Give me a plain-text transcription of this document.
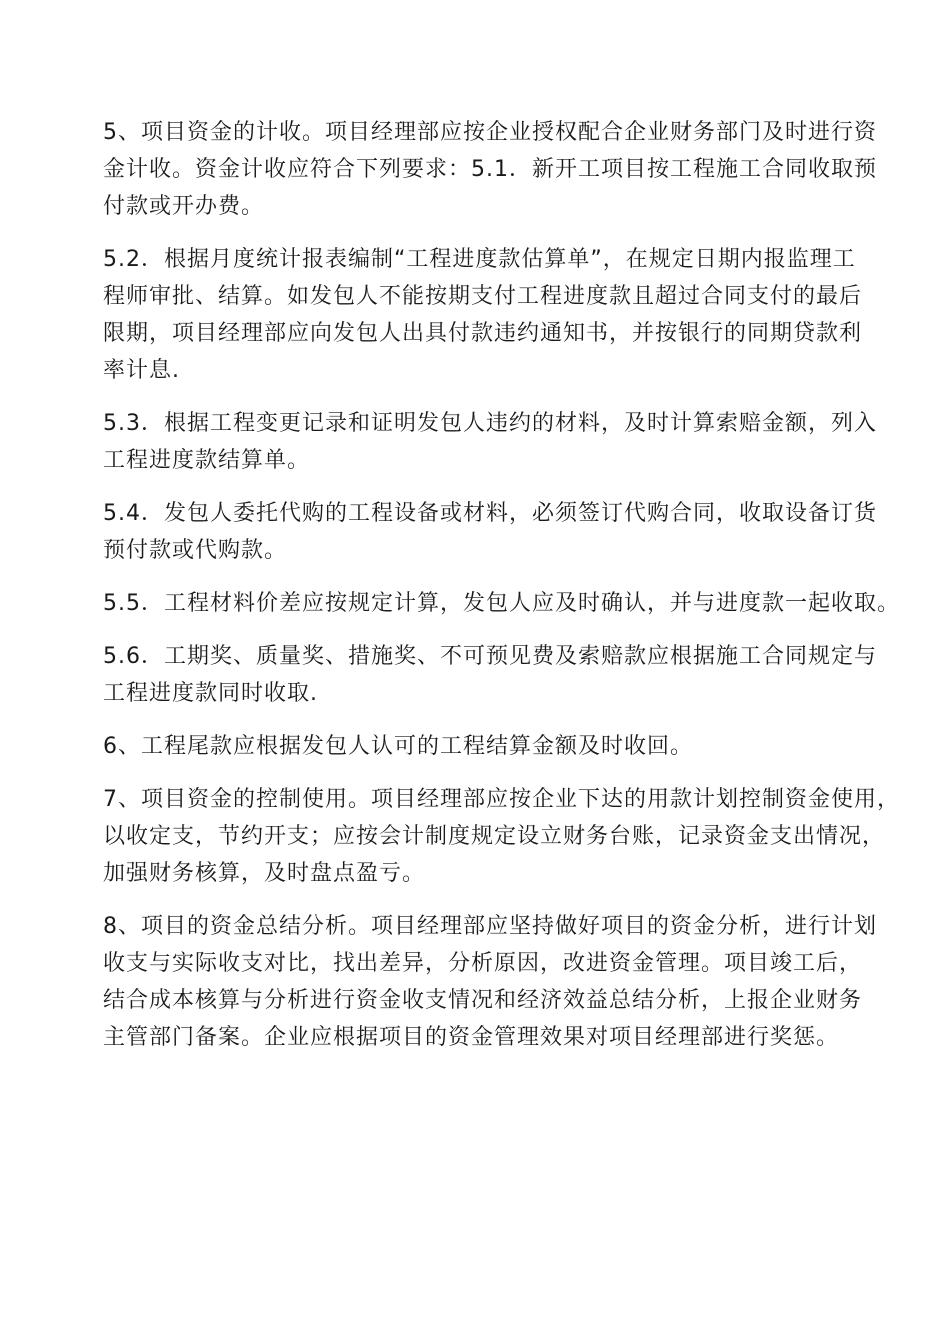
5、项目资金的计收。项目经理部应按企业授权配合企业财务部门及时进行资
金计收。资金计收应符合下列要求：5.1．新开工项目按工程施工合同收取预
付款或开办费。
5.2．根据月度统计报表编制“工程进度款估算单”，在规定日期内报监理工
程师审批、结算。如发包人不能按期支付工程进度款且超过合同支付的最后
限期，项目经理部应向发包人出具付款违约通知书，并按银行的同期贷款利
率计息.
5.3．根据工程变更记录和证明发包人违约的材料，及时计算索赔金额，列入
工程进度款结算单。
5.4．发包人委托代购的工程设备或材料，必须签订代购合同，收取设备订货
预付款或代购款。
5.5．工程材料价差应按规定计算，发包人应及时确认，并与进度款一起收取。
5.6．工期奖、质量奖、措施奖、不可预见费及索赔款应根据施工合同规定与
工程进度款同时收取.
6、工程尾款应根据发包人认可的工程结算金额及时收回。
7、项目资金的控制使用。项目经理部应按企业下达的用款计划控制资金使用，
以收定支，节约开支；应按会计制度规定设立财务台账，记录资金支出情况，
加强财务核算，及时盘点盈亏。
8、项目的资金总结分析。项目经理部应坚持做好项目的资金分析，进行计划
收支与实际收支对比，找出差异，分析原因，改进资金管理。项目竣工后，
结合成本核算与分析进行资金收支情况和经济效益总结分析，上报企业财务
主管部门备案。企业应根据项目的资金管理效果对项目经理部进行奖惩。
